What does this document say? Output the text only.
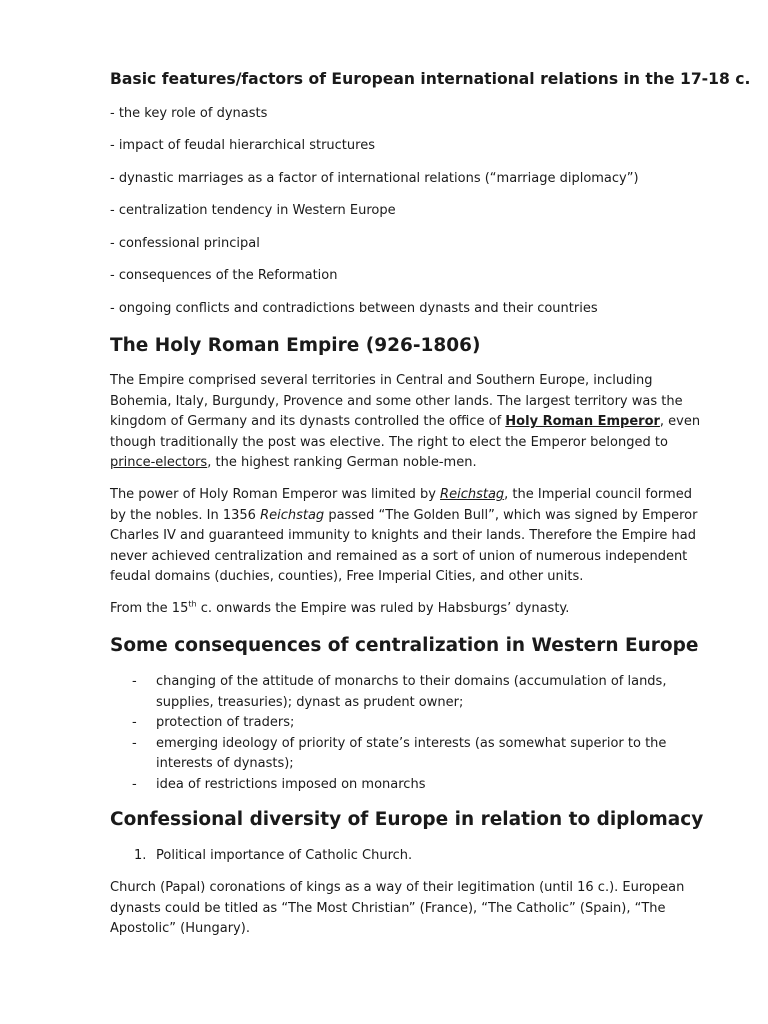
Basic features/factors of European international relations in the 17-18 c.

- the key role of dynasts

- impact of feudal hierarchical structures

- dynastic marriages as a factor of international relations (“marriage diplomacy”)

- centralization tendency in Western Europe

- confessional principal

- consequences of the Reformation

- ongoing conflicts and contradictions between dynasts and their countries

The Holy Roman Empire (926-1806)

The Empire comprised several territories in Central and Southern Europe, including Bohemia, Italy, Burgundy, Provence and some other lands. The largest territory was the kingdom of Germany and its dynasts controlled the office of Holy Roman Emperor, even though traditionally the post was elective. The right to elect the Emperor belonged to prince-electors, the highest ranking German noble-men.

The power of Holy Roman Emperor was limited by Reichstag, the Imperial council formed by the nobles. In 1356 Reichstag passed “The Golden Bull”, which was signed by Emperor Charles IV and guaranteed immunity to knights and their lands. Therefore the Empire had never achieved centralization and remained as a sort of union of numerous independent feudal domains (duchies, counties), Free Imperial Cities, and other units.

From the 15th c. onwards the Empire was ruled by Habsburgs’ dynasty.

Some consequences of centralization in Western Europe
- changing of the attitude of monarchs to their domains (accumulation of lands, supplies, treasuries); dynast as prudent owner;
- protection of traders;
- emerging ideology of priority of state’s interests (as somewhat superior to the interests of dynasts);
- idea of restrictions imposed on monarchs
Confessional diversity of Europe in relation to diplomacy
1. Political importance of Catholic Church.

Church (Papal) coronations of kings as a way of their legitimation (until 16 c.). European dynasts could be titled as “The Most Christian” (France), “The Catholic” (Spain), “The Apostolic” (Hungary).
